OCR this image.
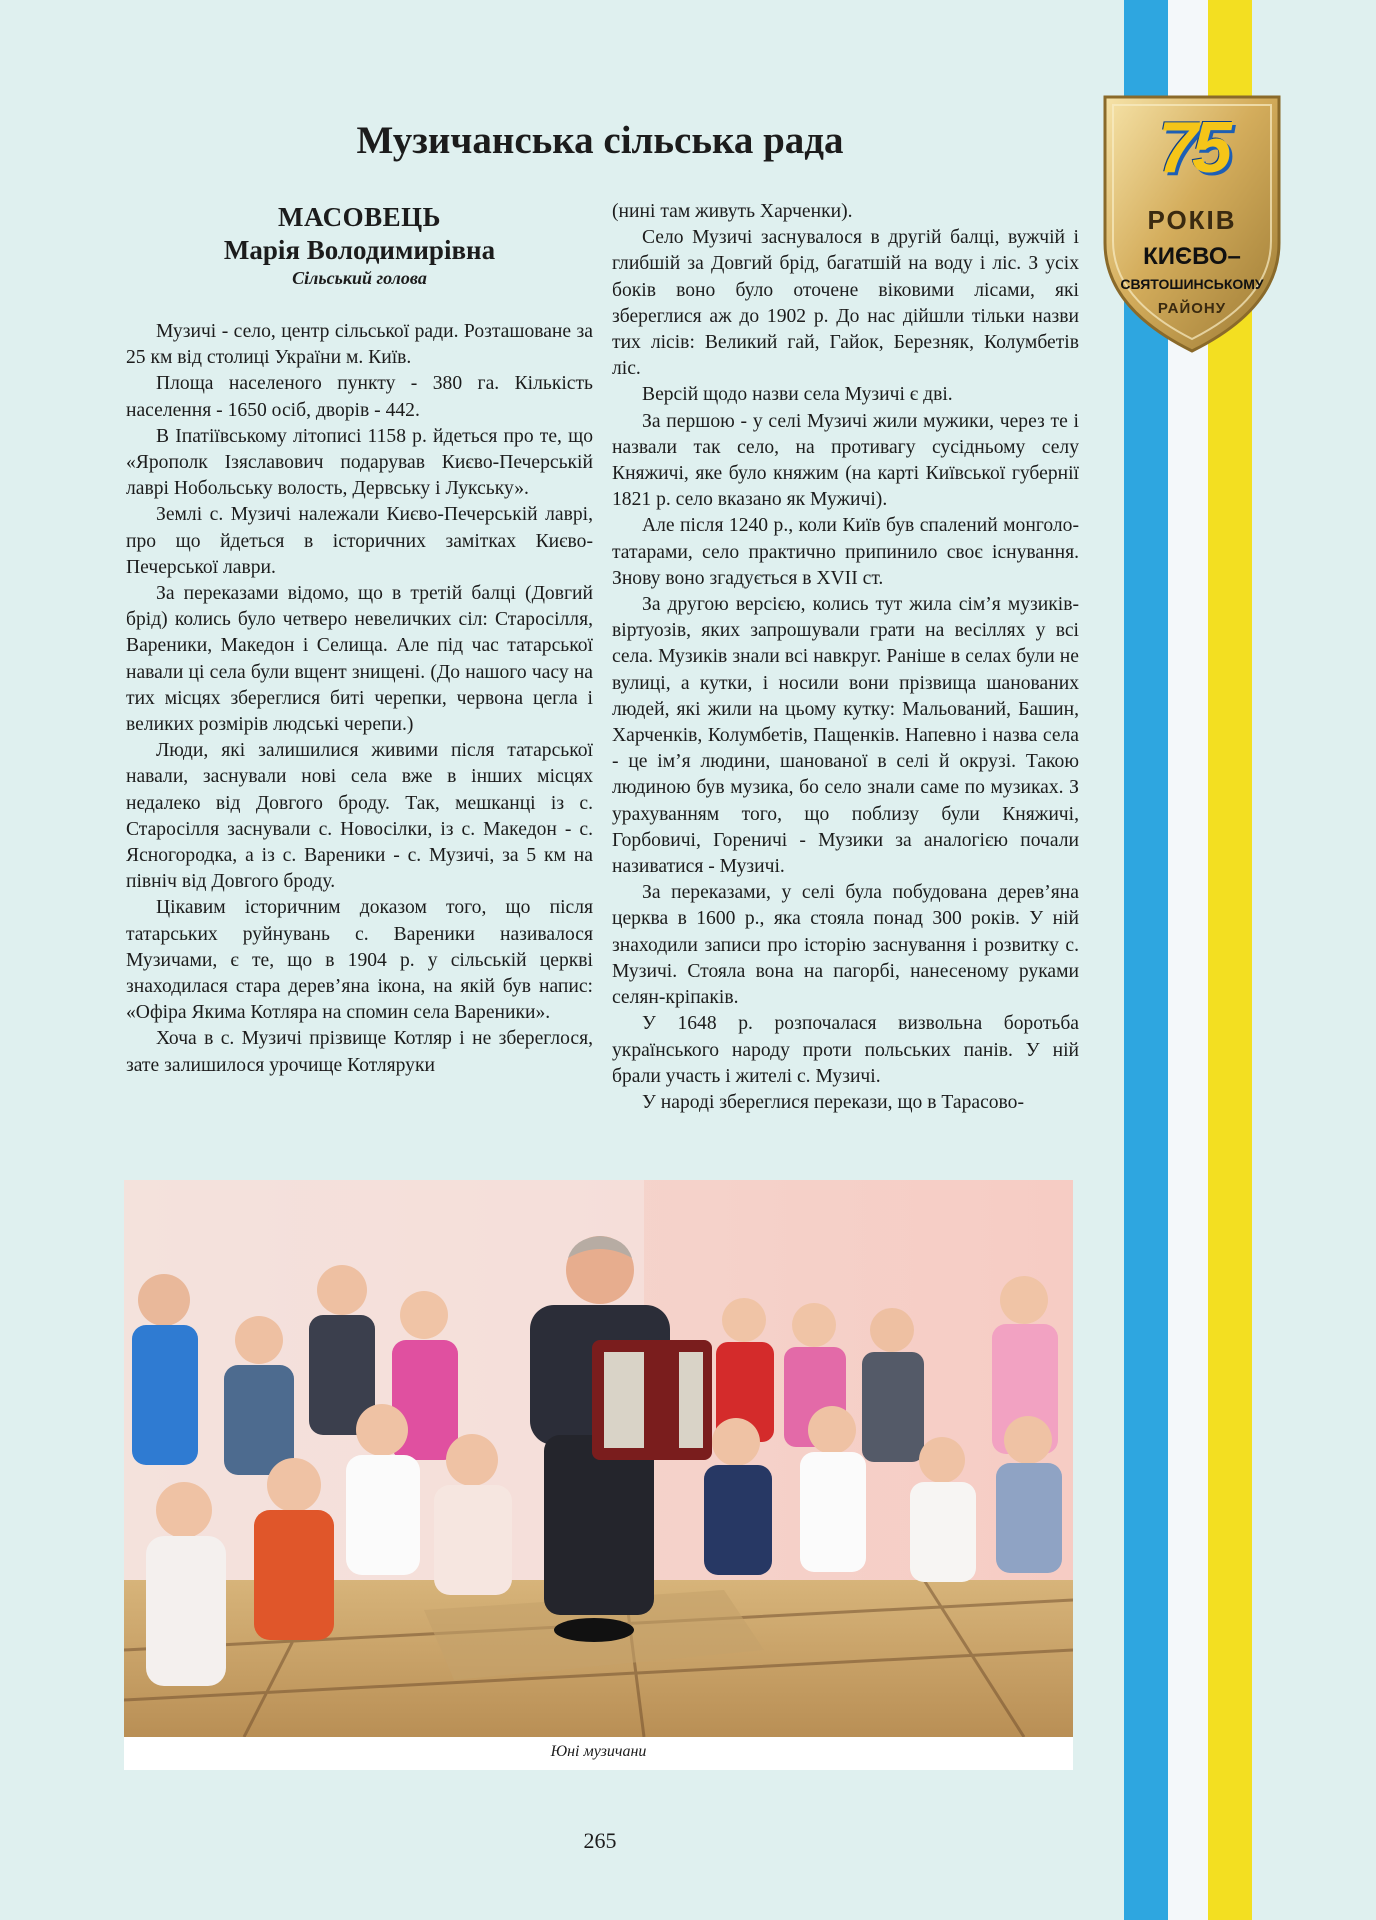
75
РОКІВ
КИЄВО–
СВЯТОШИНСЬКОМУ
РАЙОНУ
Музичанська сільська рада
МАСОВЕЦЬ
Марія Володимирівна
Сільський голова

Музичі - село, центр сільської ради. Розташоване за 25 км від столиці України м. Київ.

Площа населеного пункту - 380 га. Кількість населення - 1650 осіб, дворів - 442.

В Іпатіївському літописі 1158 р. йдеться про те, що «Ярополк Ізяславович подарував Києво-Печерській лаврі Нобольську волость, Дервську і Лукську».

Землі с. Музичі належали Києво-Печерській лаврі, про що йдеться в історичних замітках Києво-Печерської лаври.

За переказами відомо, що в третій балці (Довгий брід) колись було четверо невеличких сіл: Старосілля, Вареники, Македон і Селища. Але під час татарської навали ці села були вщент знищені. (До нашого часу на тих місцях збереглися биті черепки, червона цегла і великих розмірів людські черепи.)

Люди, які залишилися живими після татарської навали, заснували нові села вже в інших місцях недалеко від Довгого броду. Так, мешканці із с. Старосілля заснували с. Новосілки, із с. Македон - с. Ясногородка, а із с. Вареники - с. Музичі, за 5 км на північ від Довгого броду.

Цікавим історичним доказом того, що після татарських руйнувань с. Вареники називалося Музичами, є те, що в 1904 р. у сільській церкві знаходилася стара дерев’яна ікона, на якій був напис: «Офіра Якима Котляра на спомин села Вареники».

Хоча в с. Музичі прізвище Котляр і не збереглося, зате залишилося урочище Котляруки

(нині там живуть Харченки).

Село Музичі заснувалося в другій балці, вужчій і глибшій за Довгий брід, багатшій на воду і ліс. З усіх боків воно було оточене віковими лісами, які збереглися аж до 1902 р. До нас дійшли тільки назви тих лісів: Великий гай, Гайок, Березняк, Колумбетів ліс.

Версій щодо назви села Музичі є дві.

За першою - у селі Музичі жили мужики, через те і назвали так село, на противагу сусідньому селу Княжичі, яке було княжим (на карті Київської губернії 1821 р. село вказано як Мужичі).

Але після 1240 р., коли Київ був спалений монголо-татарами, село практично припинило своє існування. Знову воно згадується в XVII ст.

За другою версією, колись тут жила сім’я музиків-віртуозів, яких запрошували грати на весіллях у всі села. Музиків знали всі навкруг. Раніше в селах були не вулиці, а кутки, і носили вони прізвища шанованих людей, які жили на цьому кутку: Мальований, Башин, Харченків, Колумбетів, Пащенків. Напевно і назва села - це ім’я людини, шанованої в селі й окрузі. Такою людиною був музика, бо село знали саме по музиках. З урахуванням того, що поблизу були Княжичі, Горбовичі, Гореничі - Музики за аналогією почали називатися - Музичі.

За переказами, у селі була побудована дерев’яна церква в 1600 р., яка стояла понад 300 років. У ній знаходили записи про історію заснування і розвитку с. Музичі. Стояла вона на пагорбі, нанесеному руками селян-кріпаків.

У 1648 р. розпочалася визвольна боротьба українського народу проти польських панів. У ній брали участь і жителі с. Музичі.

У народі збереглися перекази, що в Тарасово-

Юні музичани
265
